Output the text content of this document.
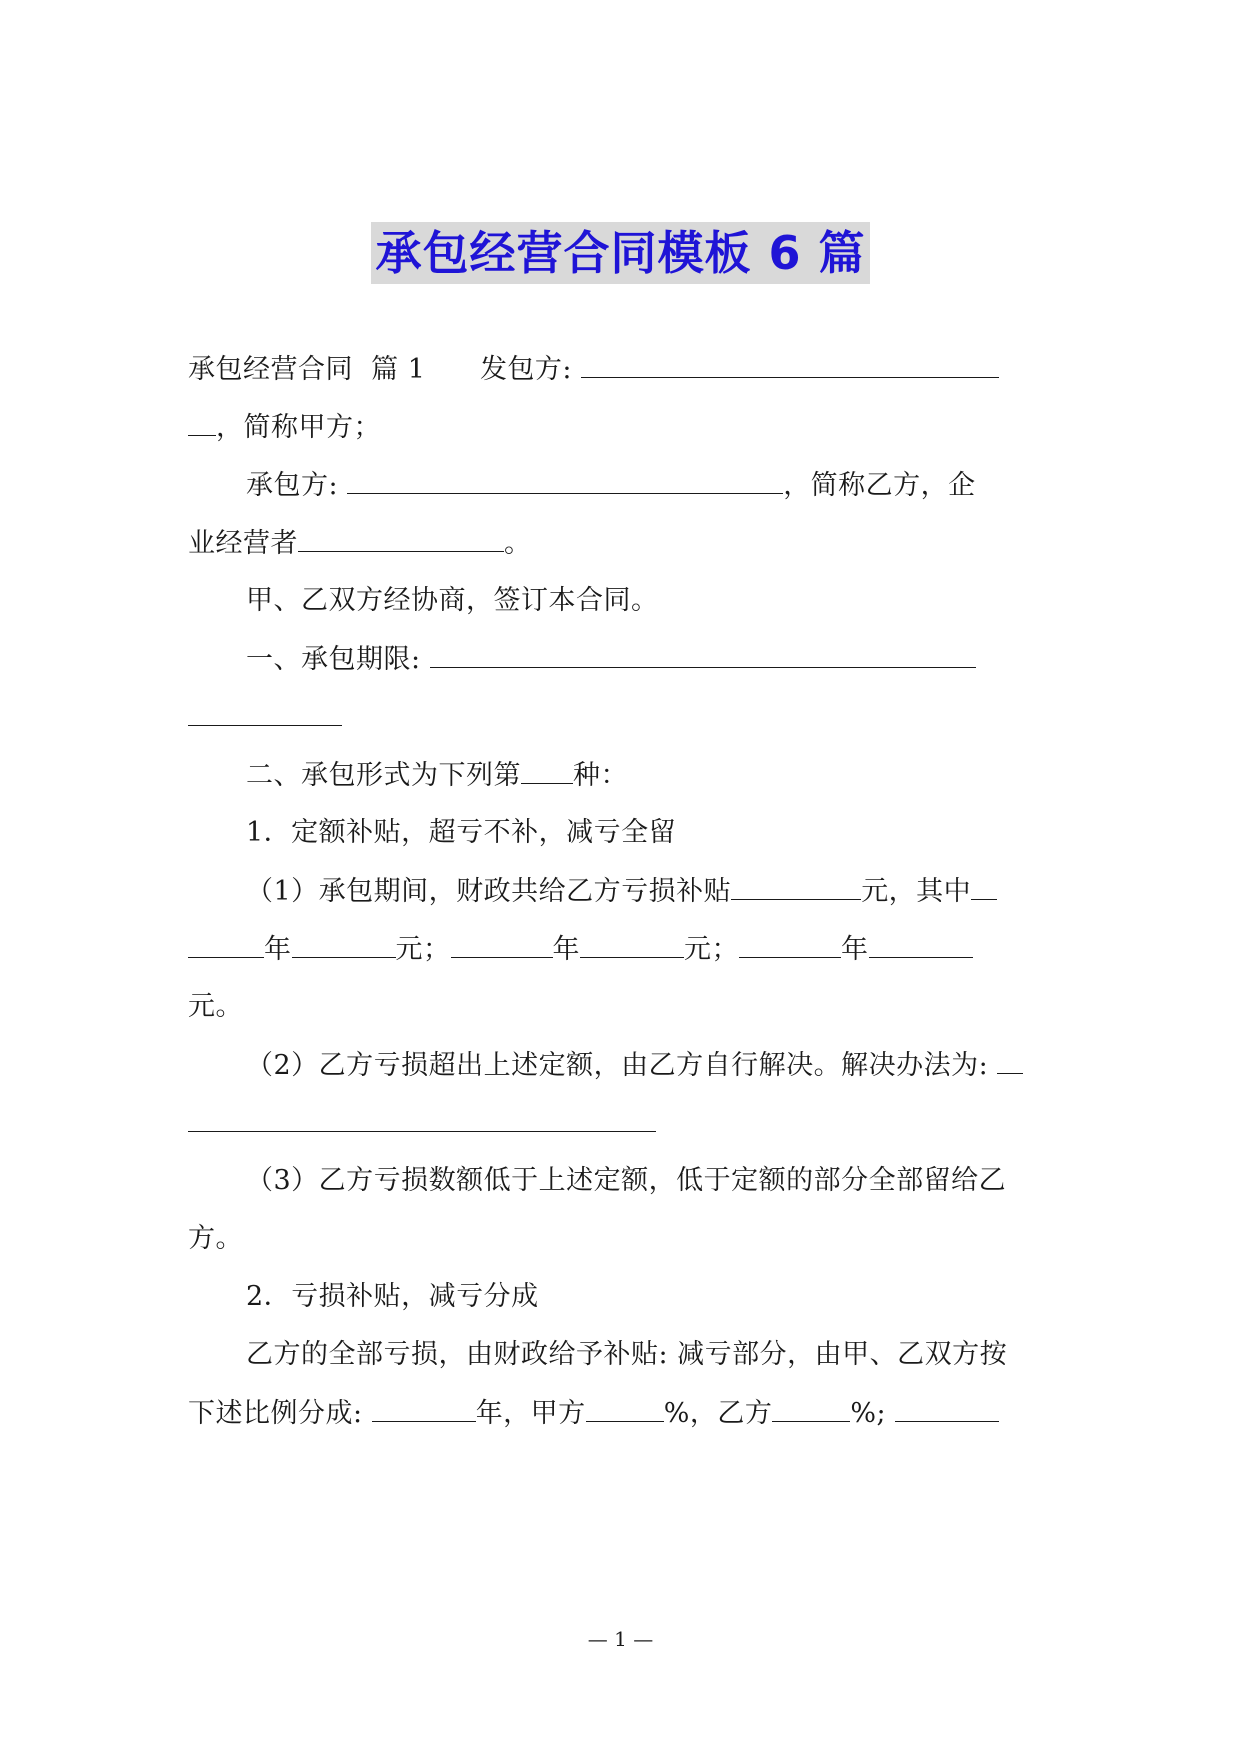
承包经营合同模板 6 篇
承包经营合同  篇 1 发包方:
，简称甲方；
承包方:	，简称乙方，企
业经营者	。
甲、乙双方经协商，签订本合同。
一、承包期限:
二、承包形式为下列第 种：
1．定额补贴，超亏不补，减亏全留
（1）承包期间，财政共给乙方亏损补贴	元，其中
年	元；	年	元；	年
元。
（2）乙方亏损超出上述定额，由乙方自行解决。解决办法为:
（3）乙方亏损数额低于上述定额，低于定额的部分全部留给乙
方。
2．亏损补贴，减亏分成
乙方的全部亏损，由财政给予补贴: 减亏部分，由甲、乙双方按
下述比例分成:	年，甲方	%，乙方	%;
— 1 —
